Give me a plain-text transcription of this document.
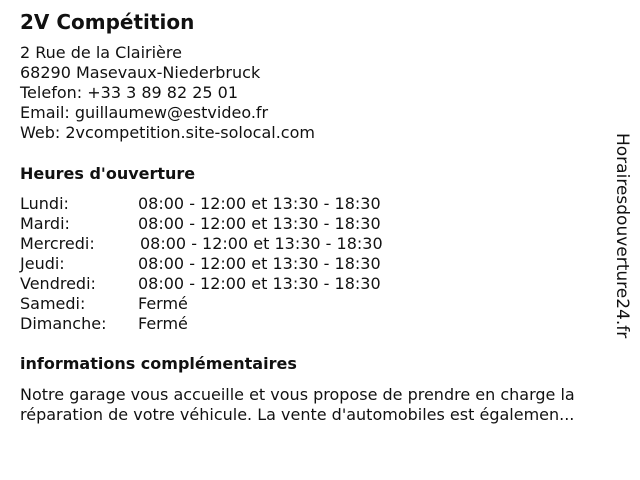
2V Compétition
2 Rue de la Clairière
68290 Masevaux-Niederbruck
Telefon: +33 3 89 82 25 01
Email: guillaumew@estvideo.fr
Web: 2vcompetition.site-solocal.com
Heures d'ouverture
Lundi:	08:00 - 12:00 et 13:30 - 18:30
Mardi:	08:00 - 12:00 et 13:30 - 18:30
Mercredi:	08:00 - 12:00 et 13:30 - 18:30
Jeudi:	08:00 - 12:00 et 13:30 - 18:30
Vendredi:	08:00 - 12:00 et 13:30 - 18:30
Samedi:	Fermé
Dimanche:	Fermé
informations complémentaires
Notre garage vous accueille et vous propose de prendre en charge la
réparation de votre véhicule. La vente d'automobiles est égalemen...
Horairesdouverture24.fr
